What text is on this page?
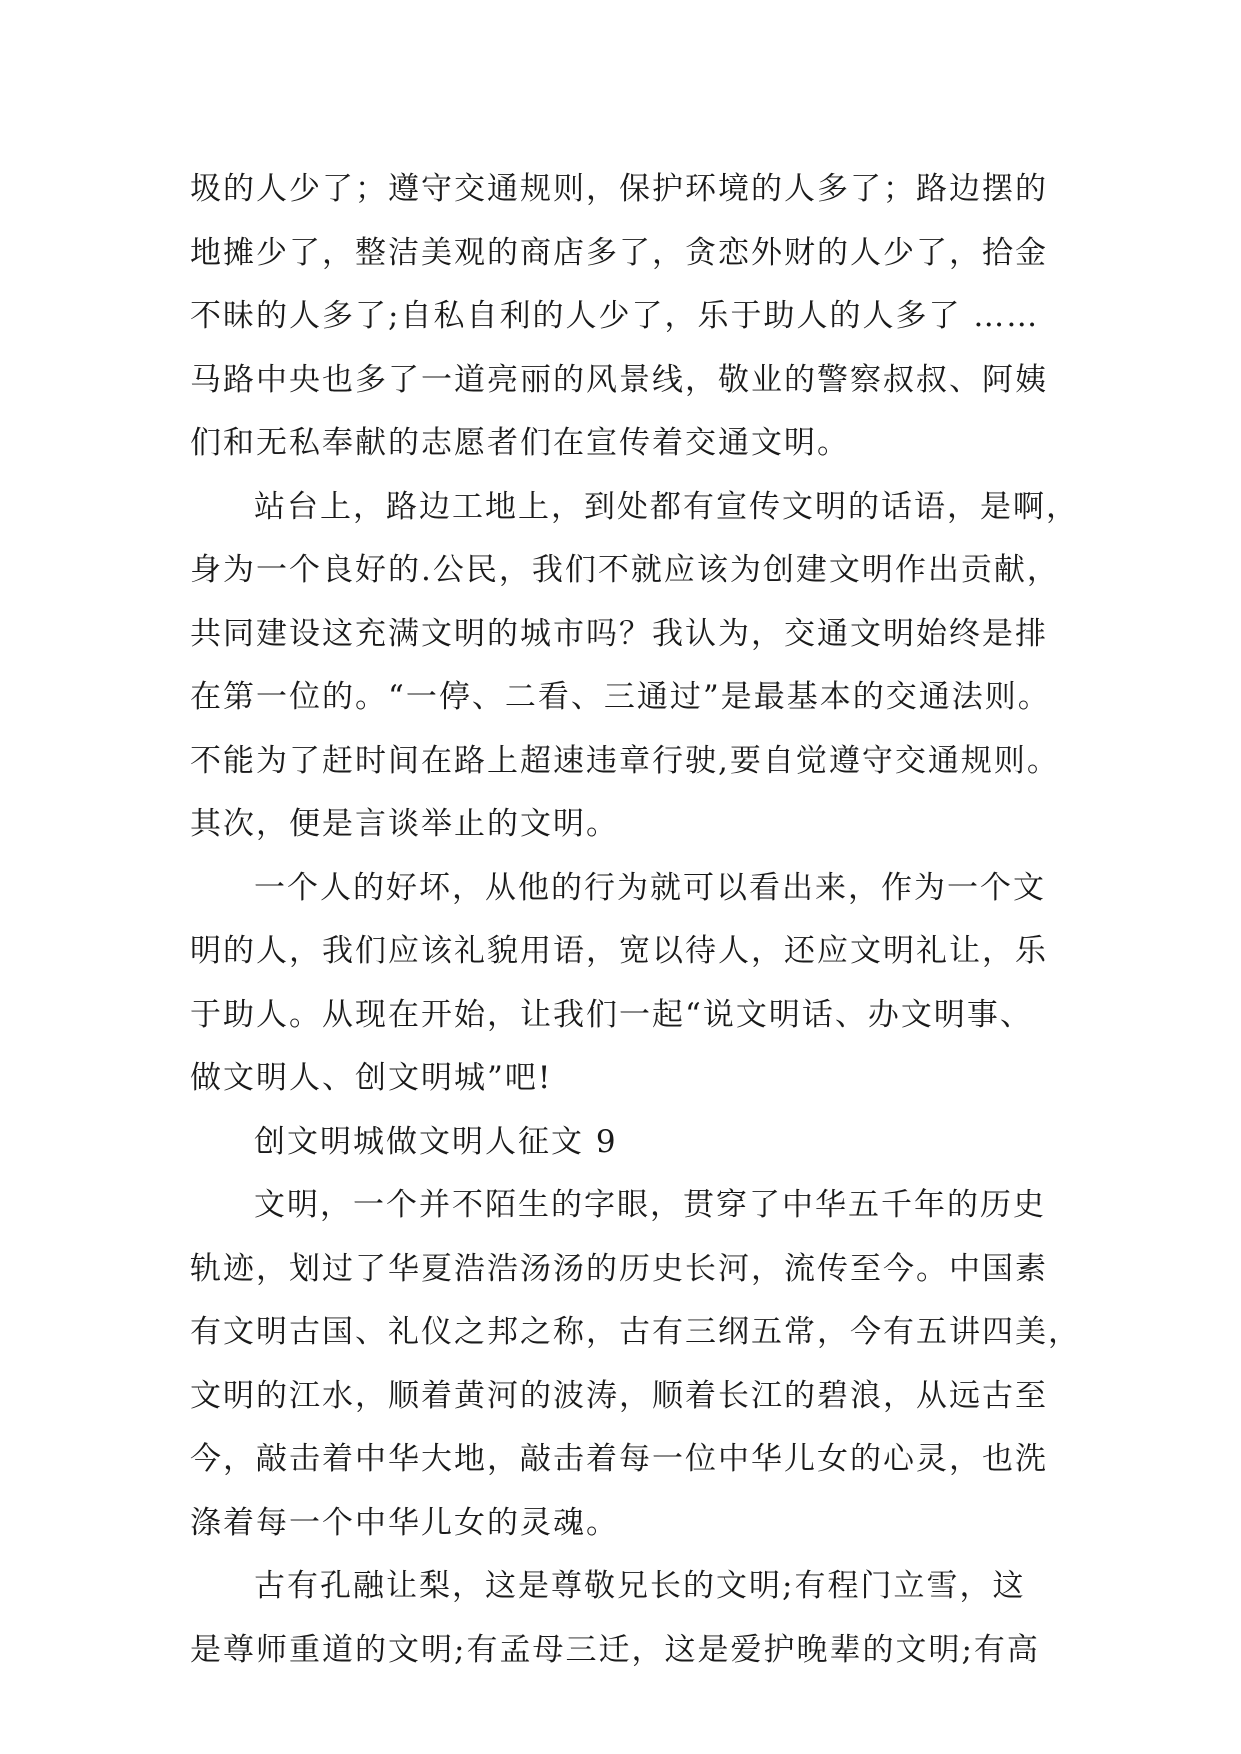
圾的人少了；遵守交通规则，保护环境的人多了；路边摆的
地摊少了，整洁美观的商店多了，贪恋外财的人少了，拾金
不昧的人多了;自私自利的人少了，乐于助人的人多了 ……
马路中央也多了一道亮丽的风景线，敬业的警察叔叔、阿姨
们和无私奉献的志愿者们在宣传着交通文明。
站台上，路边工地上，到处都有宣传文明的话语，是啊，
身为一个良好的.公民，我们不就应该为创建文明作出贡献，
共同建设这充满文明的城市吗？我认为，交通文明始终是排
在第一位的。“一停、二看、三通过”是最基本的交通法则。
不能为了赶时间在路上超速违章行驶,要自觉遵守交通规则。
其次，便是言谈举止的文明。
一个人的好坏，从他的行为就可以看出来，作为一个文
明的人，我们应该礼貌用语，宽以待人，还应文明礼让，乐
于助人。从现在开始，让我们一起“说文明话、办文明事、
做文明人、创文明城”吧!
创文明城做文明人征文 9
文明，一个并不陌生的字眼，贯穿了中华五千年的历史
轨迹，划过了华夏浩浩汤汤的历史长河，流传至今。中国素
有文明古国、礼仪之邦之称，古有三纲五常，今有五讲四美，
文明的江水，顺着黄河的波涛，顺着长江的碧浪，从远古至
今，敲击着中华大地，敲击着每一位中华儿女的心灵，也洗
涤着每一个中华儿女的灵魂。
古有孔融让梨，这是尊敬兄长的文明;有程门立雪，这
是尊师重道的文明;有孟母三迁，这是爱护晚辈的文明;有高
